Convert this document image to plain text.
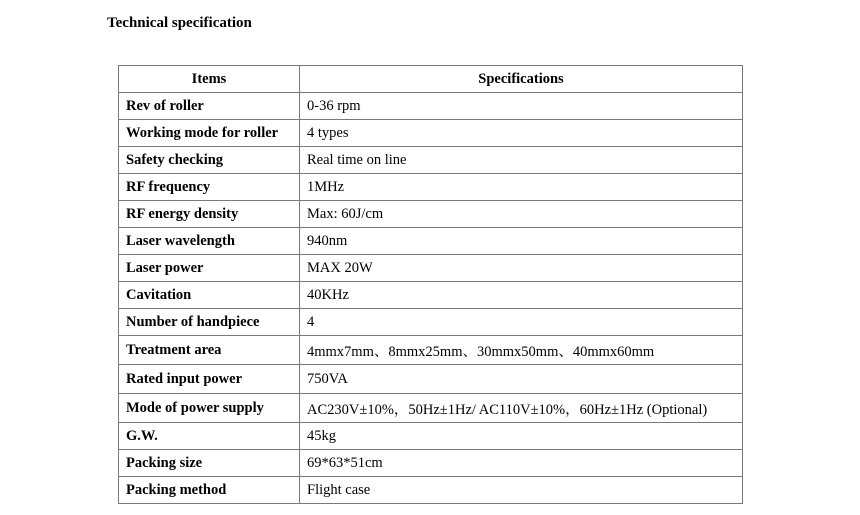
Technical specification
Items	Specifications
Rev of roller	0-36 rpm
Working mode for roller	4 types
Safety checking	Real time on line
RF frequency	1MHz
RF energy density	Max: 60J/cm
Laser wavelength	940nm
Laser power	MAX 20W
Cavitation	40KHz
Number of handpiece	4
Treatment area	4mmx7mm、8mmx25mm、30mmx50mm、40mmx60mm
Rated input power	750VA
Mode of power supply	AC230V±10%，50Hz±1Hz/ AC110V±10%，60Hz±1Hz (Optional)
G.W.	45kg
Packing size	69*63*51cm
Packing method	Flight case
